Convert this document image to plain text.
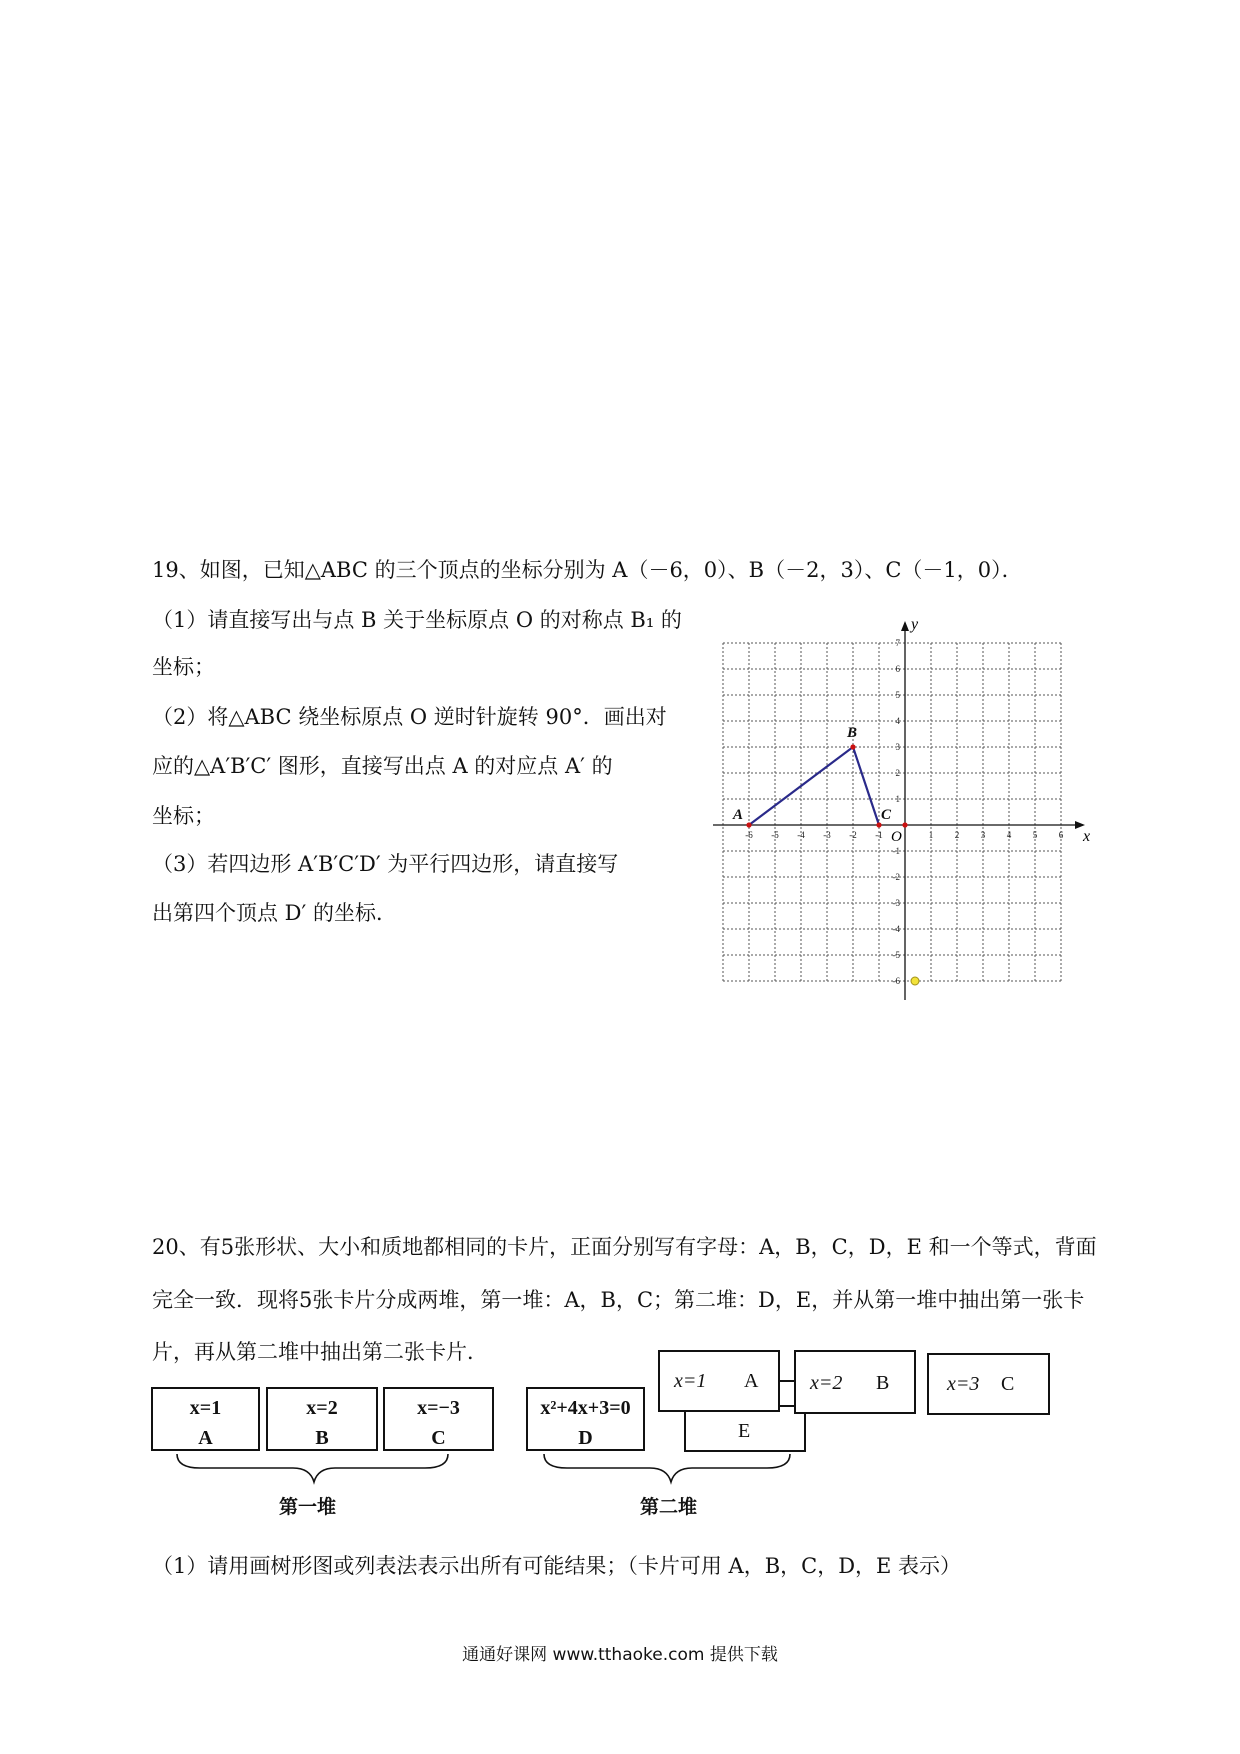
19、如图，已知△ABC 的三个顶点的坐标分别为 A（－6，0）、B（－2，3）、C（－1，0）．
（1）请直接写出与点 B 关于坐标原点 O 的对称点 B₁ 的
坐标；
（2）将△ABC 绕坐标原点 O 逆时针旋转 90°．画出对
应的△A′B′C′ 图形，直接写出点 A 的对应点 A′ 的
坐标；
（3）若四边形 A′B′C′D′ 为平行四边形，请直接写
出第四个顶点 D′ 的坐标．
-6 -5 -4 -3 -2 -1	1 2 3 4 5 6
7
6
5
4
3
2
1
-1
-2
-3
-4
-5
-6
A
B
C
x
y
O
20、有5张形状、大小和质地都相同的卡片，正面分别写有字母：A，B，C，D，E 和一个等式，背面
完全一致．现将5张卡片分成两堆，第一堆：A，B，C；第二堆：D，E，并从第一堆中抽出第一张卡
片，再从第二堆中抽出第二张卡片．
x=1
A
x=2
B
x=−3
C
x²+4x+3=0
D	E
x=1 A	x=2 B	x=3 C
第一堆	第二堆
（1）请用画树形图或列表法表示出所有可能结果；（卡片可用 A，B，C，D，E 表示）
通通好课网 www.tthaoke.com 提供下载
